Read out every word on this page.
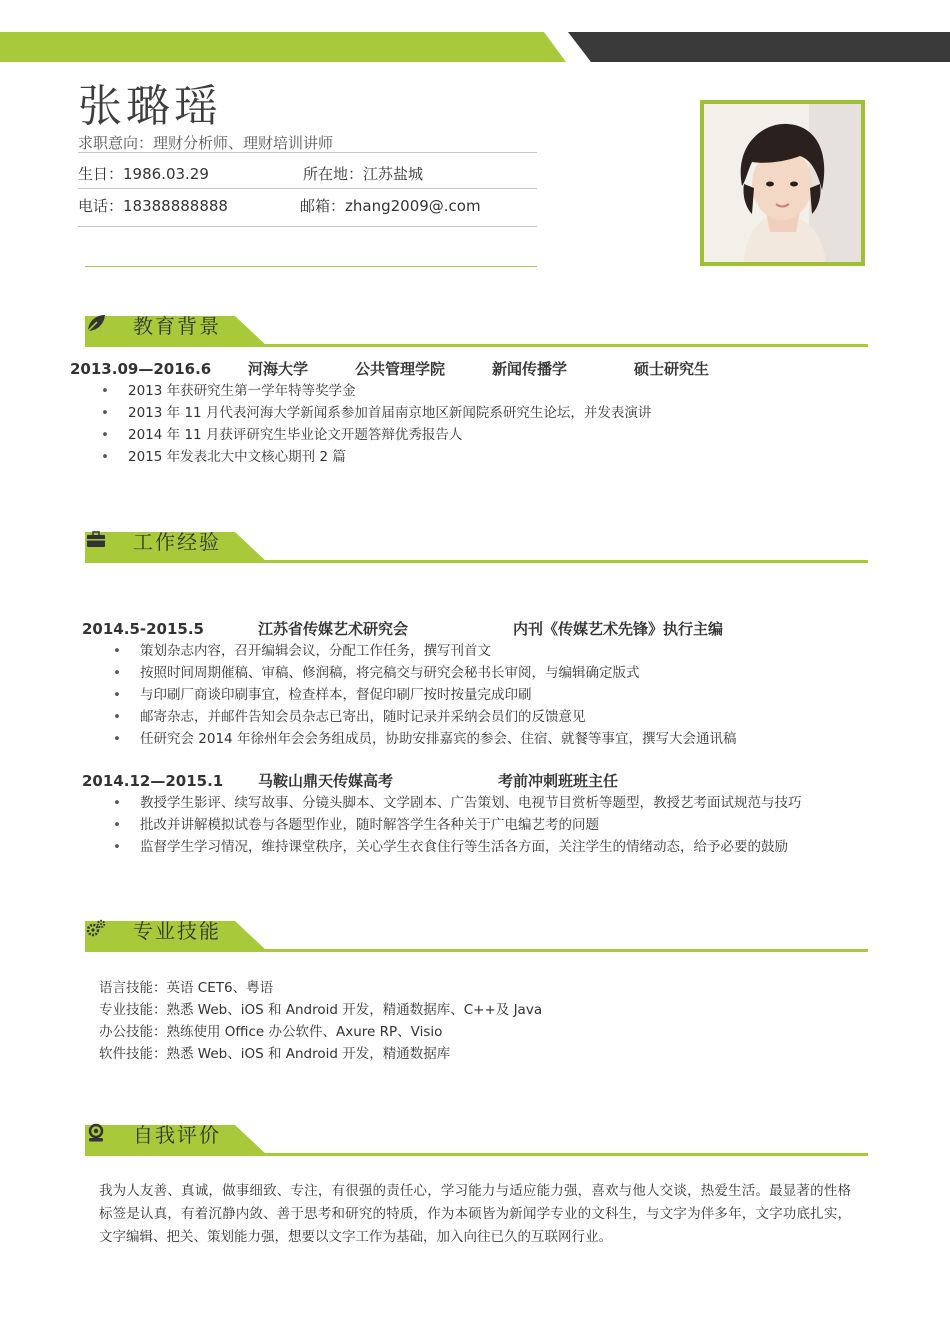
张璐瑶
求职意向：理财分析师、理财培训讲师
生日：1986.03.29	所在地：江苏盐城
电话：18388888888	邮箱：zhang2009@.com
教育背景
2013.09—2016.6 河海大学	公共管理学院	新闻传播学	硕士研究生
• 2013 年获研究生第一学年特等奖学金
• 2013 年 11 月代表河海大学新闻系参加首届南京地区新闻院系研究生论坛，并发表演讲
• 2014 年 11 月获评研究生毕业论文开题答辩优秀报告人
• 2015 年发表北大中文核心期刊 2 篇
工作经验
2014.5-2015.5	江苏省传媒艺术研究会	内刊《传媒艺术先锋》执行主编
• 策划杂志内容，召开编辑会议，分配工作任务，撰写刊首文
• 按照时间周期催稿、审稿、修润稿，将完稿交与研究会秘书长审阅，与编辑确定版式
• 与印刷厂商谈印刷事宜，检查样本，督促印刷厂按时按量完成印刷
• 邮寄杂志，并邮件告知会员杂志已寄出，随时记录并采纳会员们的反馈意见
• 任研究会 2014 年徐州年会会务组成员，协助安排嘉宾的参会、住宿、就餐等事宜，撰写大会通讯稿
2014.12—2015.1 马鞍山鼎天传媒高考	考前冲刺班班主任
• 教授学生影评、续写故事、分镜头脚本、文学剧本、广告策划、电视节目赏析等题型，教授艺考面试规范与技巧
• 批改并讲解模拟试卷与各题型作业，随时解答学生各种关于广电编艺考的问题
• 监督学生学习情况，维持课堂秩序，关心学生衣食住行等生活各方面，关注学生的情绪动态，给予必要的鼓励
专业技能
语言技能：英语 CET6、粤语
专业技能：熟悉 Web、iOS 和 Android 开发，精通数据库、C++及 Java
办公技能：熟练使用 Office 办公软件、Axure RP、Visio
软件技能：熟悉 Web、iOS 和 Android 开发，精通数据库
自我评价
我为人友善、真诚，做事细致、专注，有很强的责任心，学习能力与适应能力强，喜欢与他人交谈，热爱生活。最显著的性格标签是认真，有着沉静内敛、善于思考和研究的特质，作为本硕皆为新闻学专业的文科生，与文字为伴多年，文字功底扎实，文字编辑、把关、策划能力强，想要以文字工作为基础，加入向往已久的互联网行业。
